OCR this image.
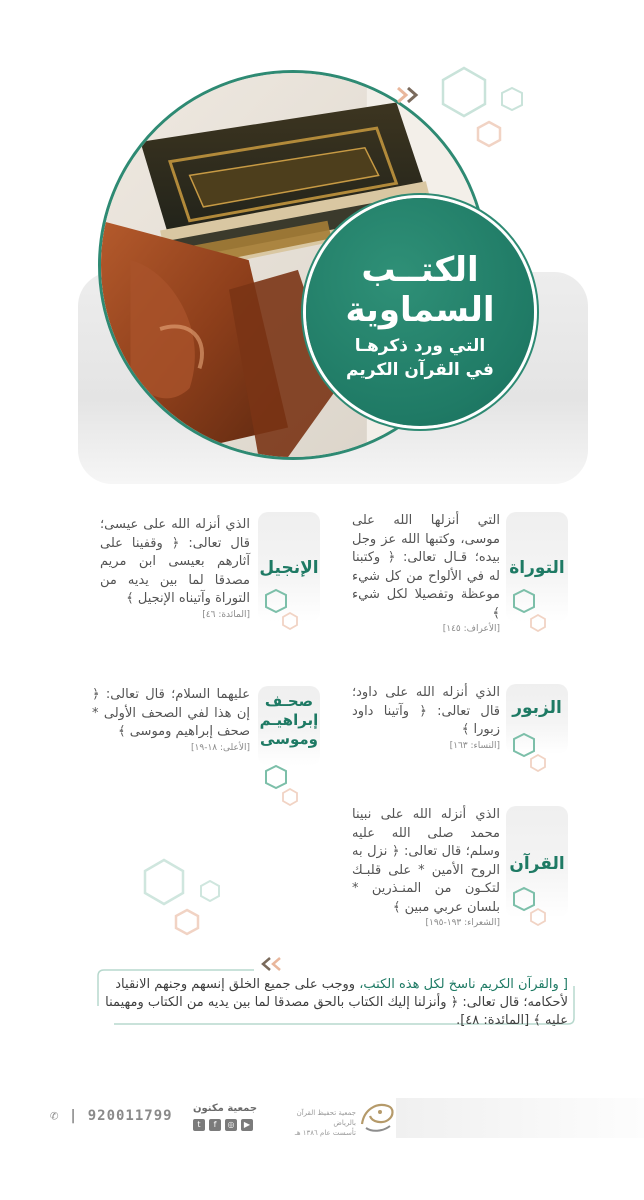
الكتــب
السماوية
التي ورد ذكرهـا
في القرآن الكريم
التوراة
التي أنزلها الله على موسى، وكتبها الله عز وجل بيده؛ قـال تعالى: ﴿ وكتبنا له في الألواح من كل شيء موعظة وتفصيلا لكل شيء ﴾
[الأعراف: ١٤٥]
الإنجيل
الذي أنزله الله على عيسى؛ قال تعالى: ﴿ وقفينا على آثارهم بعيسى ابن مريم مصدقا لما بين يديه من التوراة وآتيناه الإنجيل ﴾
[المائدة: ٤٦]
الزبور
الذي أنزله الله على داود؛ قال تعالى: ﴿ وآتينا داود زبورا ﴾
[النساء: ١٦٣]
صحـف
إبراهيـم
وموسى
عليهما السلام؛ قال تعالى: ﴿ إن هذا لفي الصحف الأولى * صحف إبراهيم وموسى ﴾
[الأعلى: ١٨-١٩]
القرآن
الذي أنزله الله على نبينا محمد صلى الله عليه وسلم؛ قال تعالى: ﴿ نزل به الروح الأمين * على قلبـك لتكـون من المنـذرين * بلسان عربي مبين ﴾
[الشعراء: ١٩٣-١٩٥]
[ والقرآن الكريم ناسخ لكل هذه الكتب، ووجب على جميع الخلق إنسهم وجنهم الانقياد لأحكامه؛ قال تعالى: ﴿ وأنزلنا إليك الكتاب بالحق مصدقا لما بين يديه من الكتاب ومهيمنا عليه ﴾ [المائدة: ٤٨].
جمعية تحفيظ القرآن بالرياض
تأسست عام ١٣٨٦ هـ
جمعية مكنون
t	f	◎	▶
✆ | 920011799
